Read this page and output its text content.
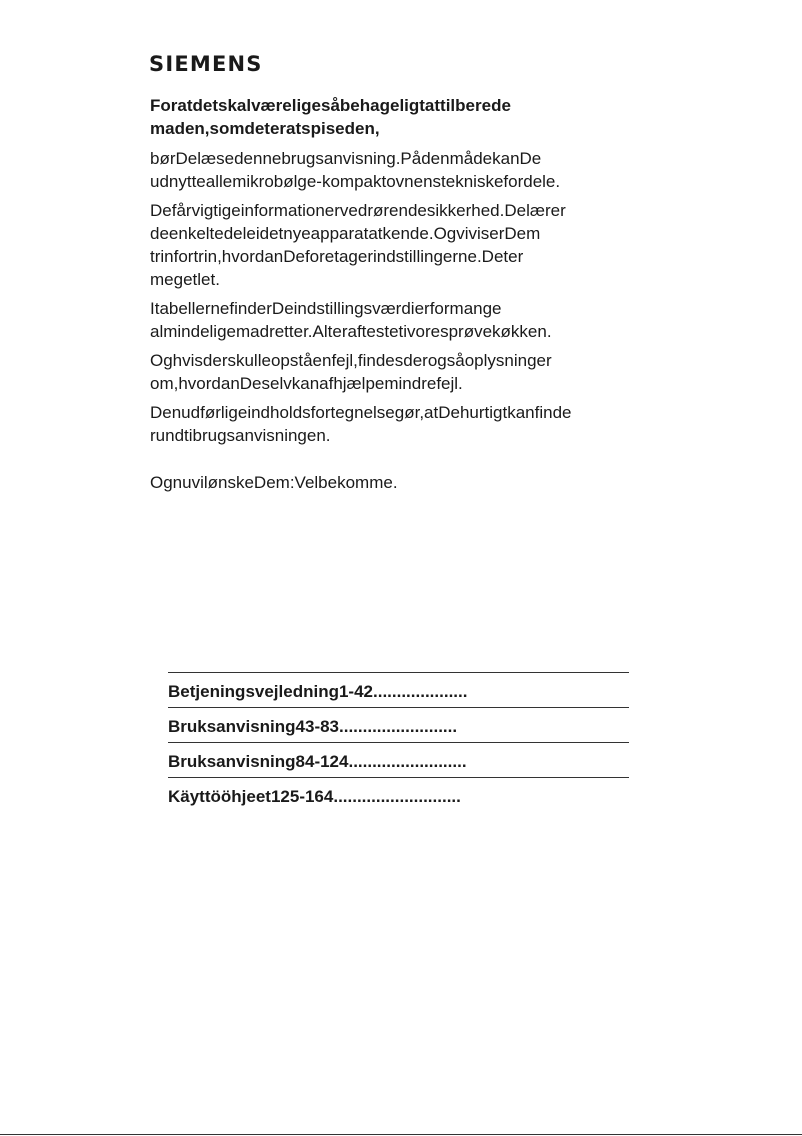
SIEMENS

Foratdetskalværeligesåbehageligtattilberede
maden,somdeteratspiseden,

børDelæsedennebrugsanvisning.PådenmådekanDe
udnytteallemikrobølge-kompaktovnenstekniskefordele.

Defårvigtigeinformationervedrørendesikkerhed.Delærer
deenkeltedeleidetnyeapparatatkende.OgviviserDem
trinfortrin,hvordanDeforetagerindstillingerne.Deter
megetlet.

ItabellernefinderDeindstillingsværdierformange
almindeligemadretter.Alteraftestetivoresprøvekøkken.

Oghvisderskulleopståenfejl,findesderogsåoplysninger
om,hvordanDeselvkanafhjælpemindrefejl.

Denudførligeindholdsfortegnelsegør,atDehurtigtkanfinde
rundtibrugsanvisningen.

OgnuvilønskeDem:Velbekomme.

Betjeningsvejledning1-42....................
Bruksanvisning43-83.........................
Bruksanvisning84-124.........................
Käyttööhjeet125-164...........................
